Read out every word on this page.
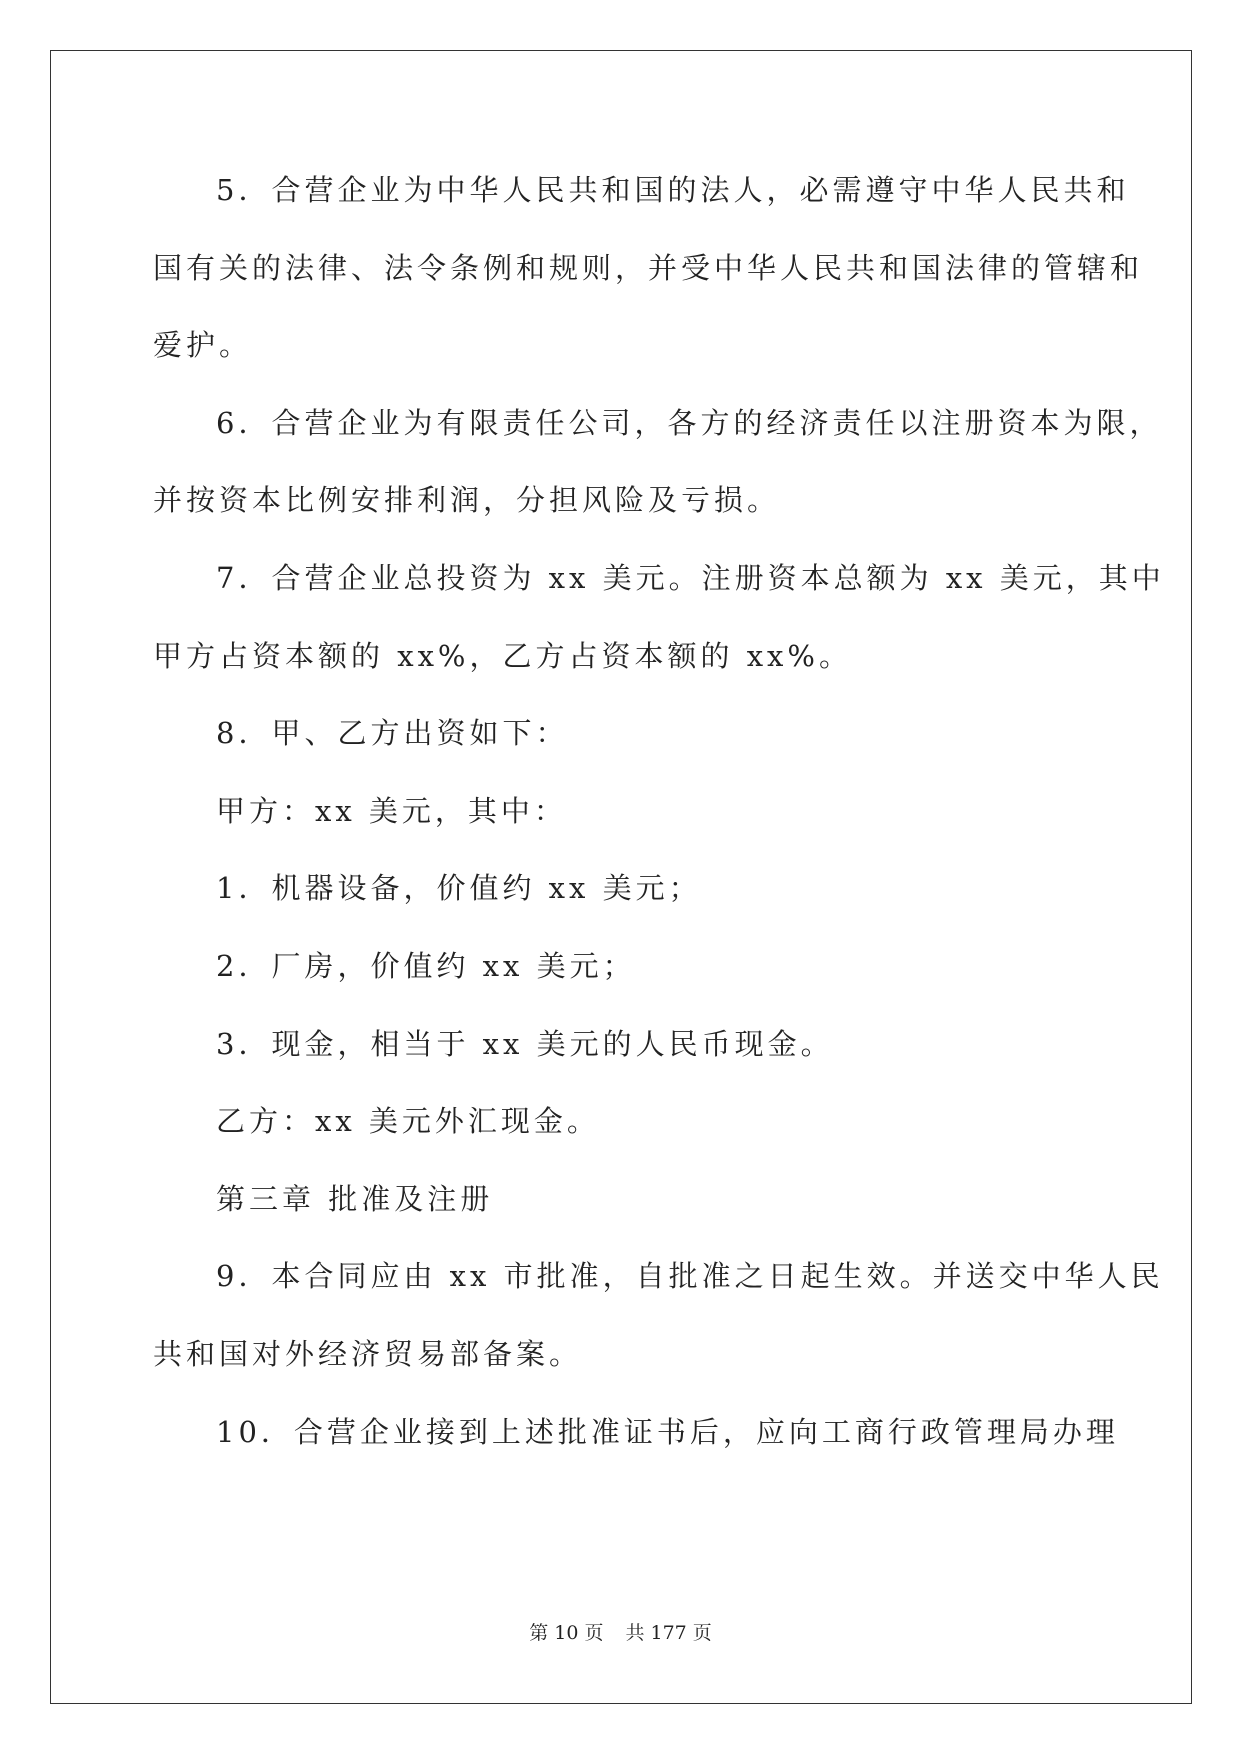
5．合营企业为中华人民共和国的法人，必需遵守中华人民共和
国有关的法律、法令条例和规则，并受中华人民共和国法律的管辖和
爱护。
6．合营企业为有限责任公司，各方的经济责任以注册资本为限，
并按资本比例安排利润，分担风险及亏损。
7．合营企业总投资为 xx 美元。注册资本总额为 xx 美元，其中
甲方占资本额的 xx%，乙方占资本额的 xx%。
8．甲、乙方出资如下：
甲方：xx 美元，其中：
1．机器设备，价值约 xx 美元；
2．厂房，价值约 xx 美元；
3．现金，相当于 xx 美元的人民币现金。
乙方：xx 美元外汇现金。
第三章 批准及注册
9．本合同应由 xx 市批准，自批准之日起生效。并送交中华人民
共和国对外经济贸易部备案。
10．合营企业接到上述批准证书后，应向工商行政管理局办理
第 10 页 共 177 页
